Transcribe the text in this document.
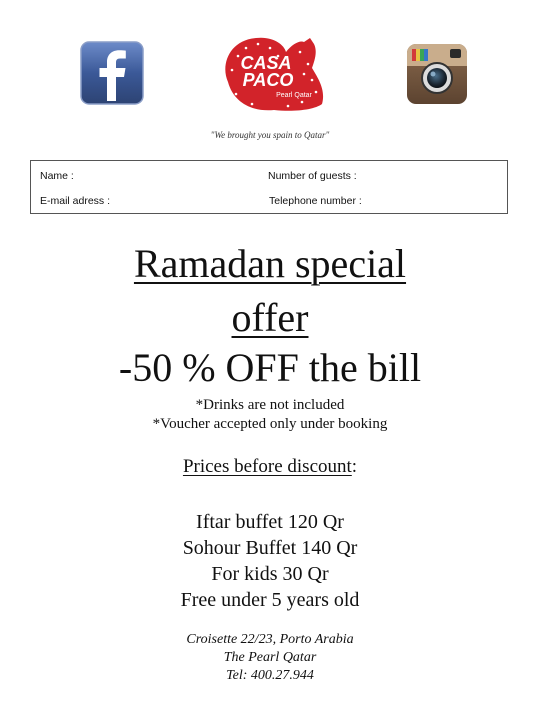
CASA
PACO
Pearl Qatar
"We brought you spain to Qatar"
Name :	Number of guests :
E-mail adress :	Telephone number :
Ramadan special
offer
-50 % OFF the bill
*Drinks are not included
*Voucher accepted only under booking
Prices before discount:
Iftar buffet 120 Qr
Sohour Buffet 140 Qr
For kids 30 Qr
Free under 5 years old
Croisette 22/23, Porto Arabia
The Pearl Qatar
Tel: 400.27.944
